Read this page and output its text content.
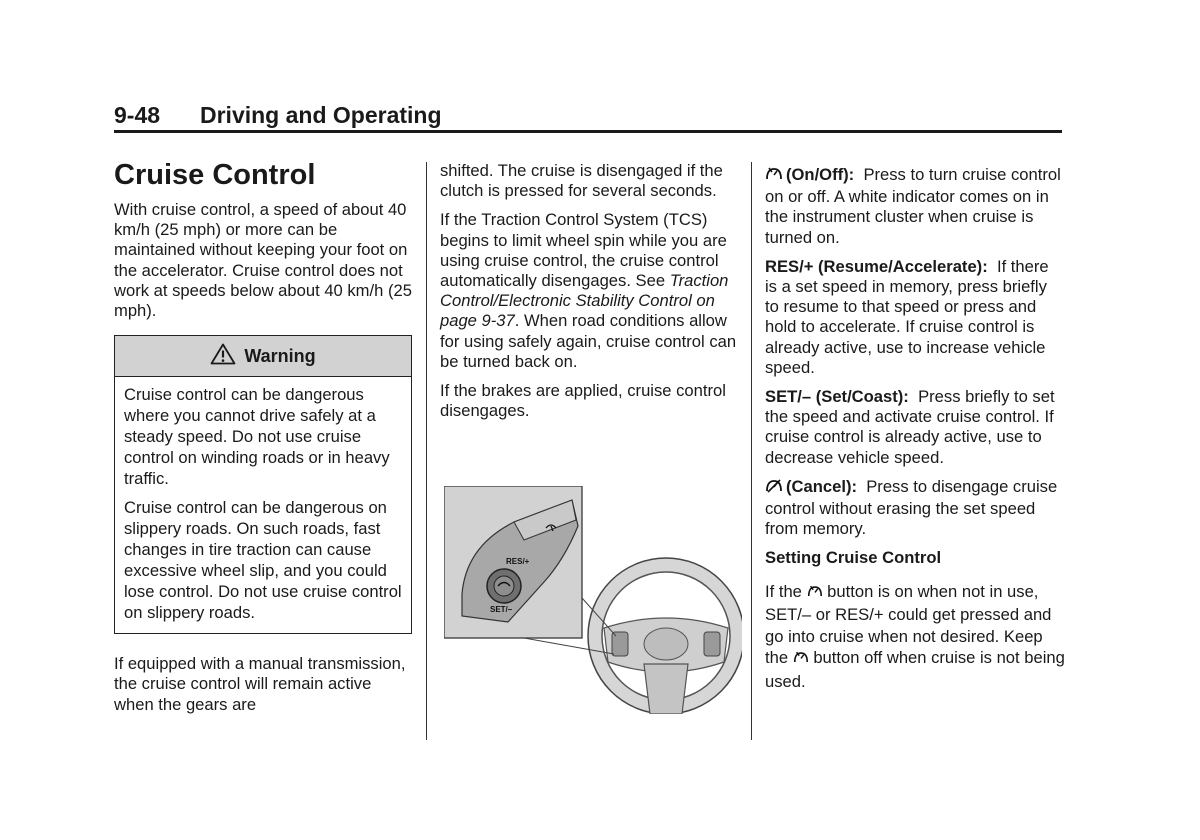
9-48 Driving and Operating
Cruise Control

With cruise control, a speed of about 40 km/h (25 mph) or more can be maintained without keeping your foot on the accelerator. Cruise control does not work at speeds below about 40 km/h (25 mph).

Warning

Cruise control can be dangerous where you cannot drive safely at a steady speed. Do not use cruise control on winding roads or in heavy traffic.

Cruise control can be dangerous on slippery roads. On such roads, fast changes in tire traction can cause excessive wheel slip, and you could lose control. Do not use cruise control on slippery roads.

If equipped with a manual transmission, the cruise control will remain active when the gears are

shifted. The cruise is disengaged if the clutch is pressed for several seconds.

If the Traction Control System (TCS) begins to limit wheel spin while you are using cruise control, the cruise control automatically disengages. See Traction Control/Electronic Stability Control on page 9-37. When road conditions allow for using safely again, cruise control can be turned back on.

If the brakes are applied, cruise control disengages.

RES/+
SET/–

(On/Off): Press to turn cruise control on or off. A white indicator comes on in the instrument cluster when cruise is turned on.

RES/+ (Resume/Accelerate): If there is a set speed in memory, press briefly to resume to that speed or press and hold to accelerate. If cruise control is already active, use to increase vehicle speed.

SET/– (Set/Coast): Press briefly to set the speed and activate cruise control. If cruise control is already active, use to decrease vehicle speed.

(Cancel): Press to disengage cruise control without erasing the set speed from memory.

Setting Cruise Control

If the button is on when not in use, SET/– or RES/+ could get pressed and go into cruise when not desired. Keep the button off when cruise is not being used.
